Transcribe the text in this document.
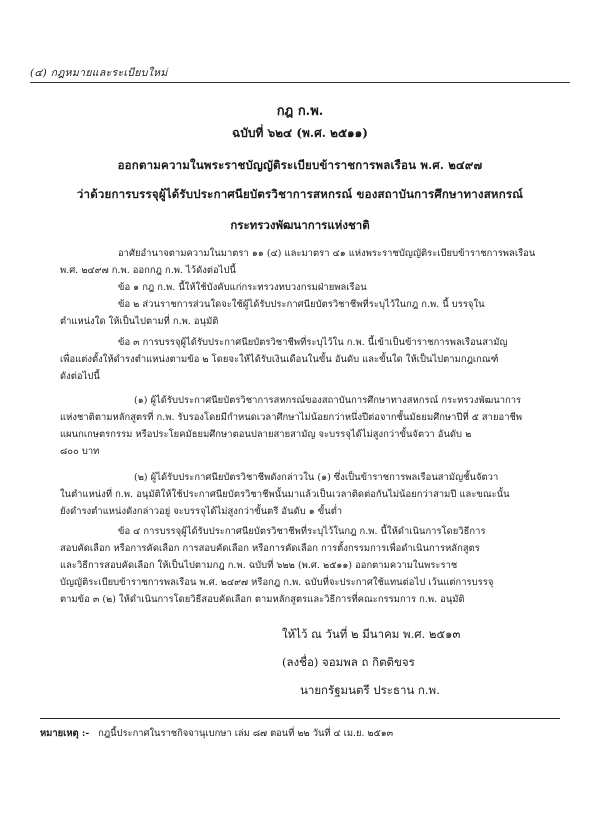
(๔) กฎหมายและระเบียบใหม่
กฎ ก.พ.
ฉบับที่ ๖๒๔ (พ.ศ. ๒๕๑๑)
ออกตามความในพระราชบัญญัติระเบียบข้าราชการพลเรือน พ.ศ. ๒๔๙๗
ว่าด้วยการบรรจุผู้ได้รับประกาศนียบัตรวิชาการสหกรณ์ ของสถาบันการศึกษาทางสหกรณ์
กระทรวงพัฒนาการแห่งชาติ
อาศัยอำนาจตามความในมาตรา ๑๑ (๔) และมาตรา ๔๑ แห่งพระราชบัญญัติระเบียบข้าราชการพลเรือน
พ.ศ. ๒๔๙๗ ก.พ. ออกกฎ ก.พ. ไว้ดังต่อไปนี้
ข้อ ๑ กฎ ก.พ. นี้ให้ใช้บังคับแก่กระทรวงทบวงกรมฝ่ายพลเรือน
ข้อ ๒ ส่วนราชการส่วนใดจะใช้ผู้ได้รับประกาศนียบัตรวิชาชีพที่ระบุไว้ในกฎ ก.พ. นี้ บรรจุใน
ตำแหน่งใด ให้เป็นไปตามที่ ก.พ. อนุมัติ
ข้อ ๓ การบรรจุผู้ได้รับประกาศนียบัตรวิชาชีพที่ระบุไว้ใน ก.พ. นี้เข้าเป็นข้าราชการพลเรือนสามัญ
เพื่อแต่งตั้งให้ดำรงตำแหน่งตามข้อ ๒ โดยจะให้ได้รับเงินเดือนในขั้น อันดับ และขั้นใด ให้เป็นไปตามกฎเกณฑ์
ดังต่อไปนี้
(๑) ผู้ได้รับประกาศนียบัตรวิชาการสหกรณ์ของสถาบันการศึกษาทางสหกรณ์ กระทรวงพัฒนาการ
แห่งชาติตามหลักสูตรที่ ก.พ. รับรองโดยมีกำหนดเวลาศึกษาไม่น้อยกว่าหนึ่งปีต่อจากชั้นมัธยมศึกษาปีที่ ๕ สายอาชีพ
แผนกเกษตรกรรม หรือประโยคมัธยมศึกษาตอนปลายสายสามัญ จะบรรจุได้ไม่สูงกว่าขั้นจัตวา อันดับ ๒
๘๐๐ บาท
(๒) ผู้ได้รับประกาศนียบัตรวิชาชีพดังกล่าวใน (๑) ซึ่งเป็นข้าราชการพลเรือนสามัญชั้นจัตวา
ในตำแหน่งที่ ก.พ. อนุมัติให้ใช้ประกาศนียบัตรวิชาชีพนั้นมาแล้วเป็นเวลาติดต่อกันไม่น้อยกว่าสามปี และขณะนั้น
ยังดำรงตำแหน่งดังกล่าวอยู่ จะบรรจุได้ไม่สูงกว่าขั้นตรี อันดับ ๑ ขั้นต่ำ
ข้อ ๔ การบรรจุผู้ได้รับประกาศนียบัตรวิชาชีพที่ระบุไว้ในกฎ ก.พ. นี้ให้ดำเนินการโดยวิธีการ
สอบคัดเลือก หรือการคัดเลือก การสอบคัดเลือก หรือการคัดเลือก การตั้งกรรมการเพื่อดำเนินการหลักสูตร
และวิธีการสอบคัดเลือก ให้เป็นไปตามกฎ ก.พ. ฉบับที่ ๖๒๒ (พ.ศ. ๒๕๑๑) ออกตามความในพระราช
บัญญัติระเบียบข้าราชการพลเรือน พ.ศ. ๒๔๙๗ หรือกฎ ก.พ. ฉบับที่จะประกาศใช้แทนต่อไป เว้นแต่การบรรจุ
ตามข้อ ๓ (๒) ให้ดำเนินการโดยวิธีสอบคัดเลือก ตามหลักสูตรและวิธีการที่คณะกรรมการ ก.พ. อนุมัติ
ให้ไว้ ณ วันที่ ๒ มีนาคม พ.ศ. ๒๕๑๓
(ลงชื่อ) จอมพล ถ กิตติขจร
นายกรัฐมนตรี ประธาน ก.พ.
หมายเหตุ :- กฎนี้ประกาศในราชกิจจานุเบกษา เล่ม ๘๗ ตอนที่ ๒๒ วันที่ ๔ เม.ย. ๒๕๑๓
